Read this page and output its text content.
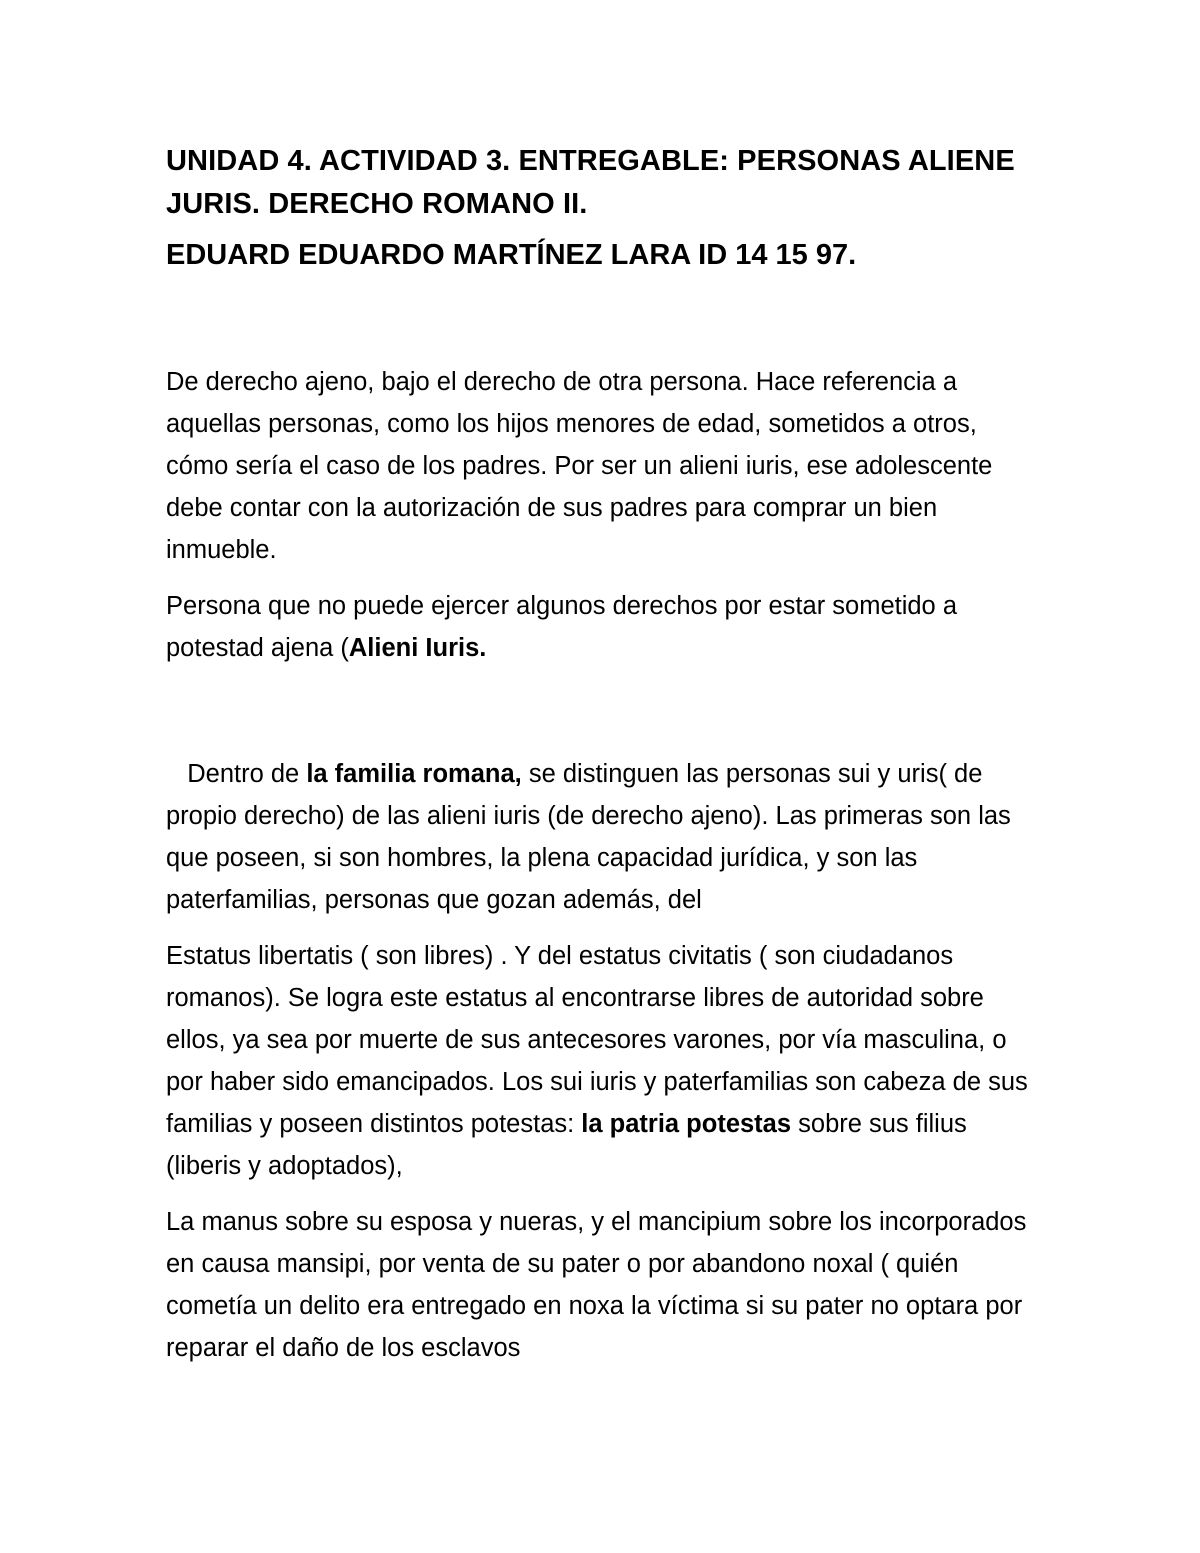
UNIDAD 4. ACTIVIDAD 3. ENTREGABLE: PERSONAS ALIENE JURIS. DERECHO ROMANO II.

EDUARD EDUARDO MARTÍNEZ LARA ID 14 15 97.

De derecho ajeno, bajo el derecho de otra persona. Hace referencia a aquellas personas, como los hijos menores de edad, sometidos a otros, cómo sería el caso de los padres. Por ser un alieni iuris, ese adolescente debe contar con la autorización de sus padres para comprar un bien inmueble.

Persona que no puede ejercer algunos derechos por estar sometido a potestad ajena (Alieni Iuris.

Dentro de la familia romana, se distinguen las personas sui y uris( de propio derecho) de las alieni iuris (de derecho ajeno). Las primeras son las que poseen, si son hombres, la plena capacidad jurídica, y son las paterfamilias, personas que gozan además, del

Estatus libertatis ( son libres) . Y del estatus civitatis ( son ciudadanos romanos). Se logra este estatus al encontrarse libres de autoridad sobre ellos, ya sea por muerte de sus antecesores varones, por vía masculina, o por haber sido emancipados. Los sui iuris y paterfamilias son cabeza de sus familias y poseen distintos potestas: la patria potestas sobre sus filius (liberis y adoptados),

La manus sobre su esposa y nueras, y el mancipium sobre los incorporados en causa mansipi, por venta de su pater o por abandono noxal ( quién cometía un delito era entregado en noxa la víctima si su pater no optara por reparar el daño de los esclavos
